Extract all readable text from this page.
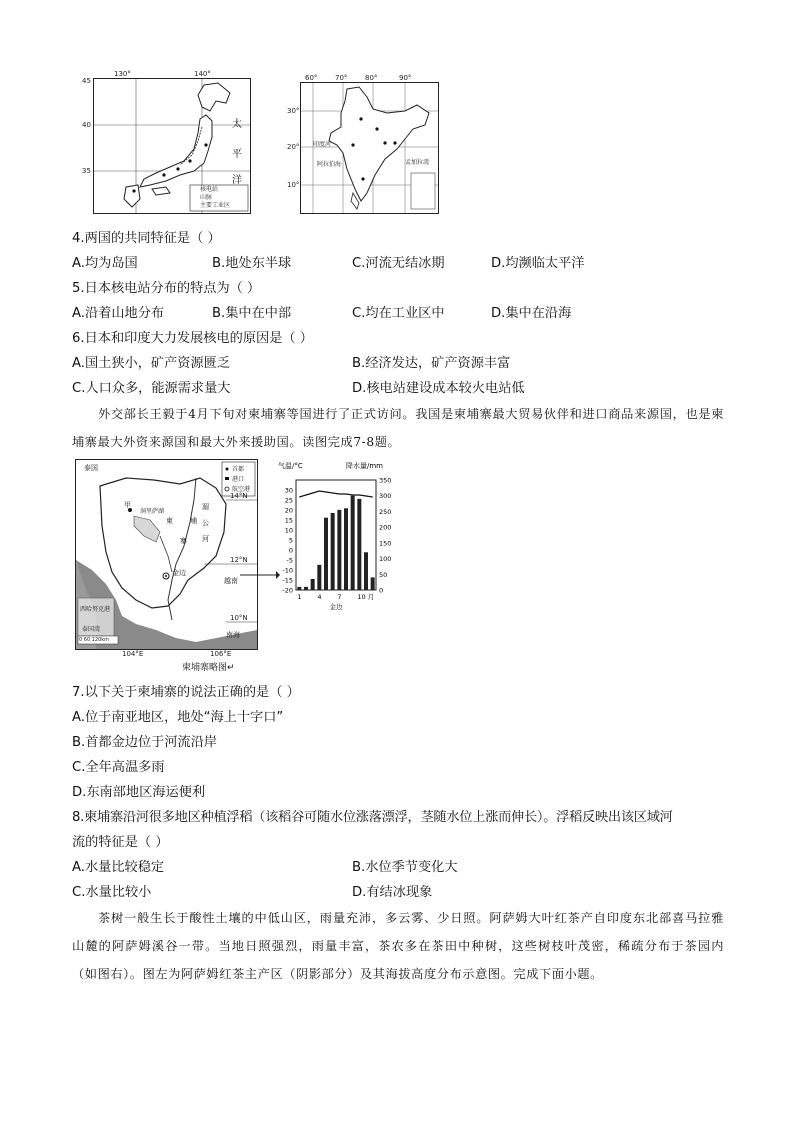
130°	140°
45
40
35
太
平
洋
核电站
山脉
主要工业区
60°	70°	80°	90°
30°
20°
10°
印度河
阿拉伯海	孟加拉湾
4.两国的共同特征是（ ）
A.均为岛国	B.地处东半球	C.河流无结冰期	D.均濒临太平洋
5.日本核电站分布的特点为（ ）
A.沿着山地分布	B.集中在中部	C.均在工业区中	D.集中在沿海
6.日本和印度大力发展核电的原因是（ ）
A.国土狭小，矿产资源匮乏	B.经济发达，矿产资源丰富
C.人口众多，能源需求量大	D.核电站建设成本较火电站低
外交部长王毅于4月下旬对柬埔寨等国进行了正式访问。我国是柬埔寨最大贸易伙伴和进口商品来源国，也是柬埔寨最大外资来源国和最大外来援助国。读图完成7-8题。
泰国	首都
港口
航空港
甲
洞里萨湖
柬 埔
寨
湄
公
河
金边
越南
南海
西哈努克港
泰国湾
0 60 120km
14°N
12°N
10°N
104°E	106°E
柬埔寨略图↵
气温/°C	降水量/mm
30
25
20
15
10
5
0
-5
-10
-15
-20
350
300
250
200
150
100
50
0
1 4 7 10 月
金边
7.以下关于柬埔寨的说法正确的是（ ）
A.位于南亚地区，地处“海上十字口”
B.首都金边位于河流沿岸
C.全年高温多雨
D.东南部地区海运便利
8.柬埔寨沿河很多地区种植浮稻（该稻谷可随水位涨落漂浮，茎随水位上涨而伸长）。浮稻反映出该区域河
流的特征是（ ）
A.水量比较稳定	B.水位季节变化大
C.水量比较小	D.有结冰现象
茶树一般生长于酸性土壤的中低山区，雨量充沛，多云雾、少日照。阿萨姆大叶红茶产自印度东北部喜马拉雅山麓的阿萨姆溪谷一带。当地日照强烈，雨量丰富，茶农多在茶田中种树，这些树枝叶茂密，稀疏分布于茶园内（如图右）。图左为阿萨姆红茶主产区（阴影部分）及其海拔高度分布示意图。完成下面小题。
